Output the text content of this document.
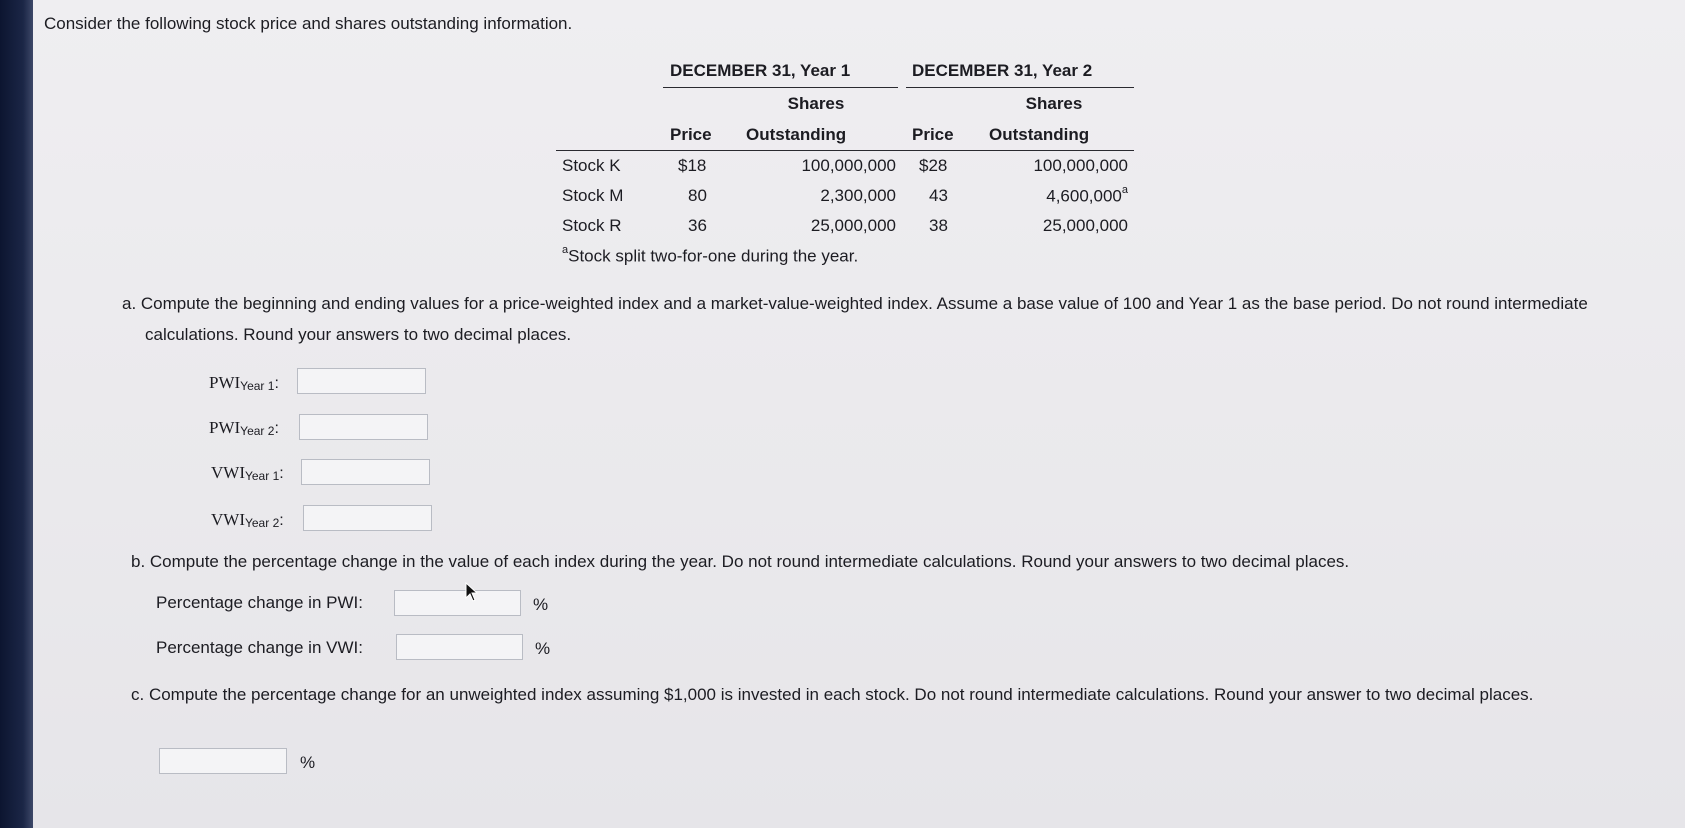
Consider the following stock price and shares outstanding information.
DECEMBER 31, Year 1	DECEMBER 31, Year 2
Shares	Shares
Price Outstanding	Price Outstanding
Stock K	$18	100,000,000 $28	100,000,000
Stock M	80	2,300,000 43	4,600,000$^a$
Stock R	36	25,000,000 38	25,000,000
$^a$Stock split two-for-one during the year.
a. Compute the beginning and ending values for a price-weighted index and a market-value-weighted index. Assume a base value of 100 and Year 1 as the base period. Do not round intermediate calculations. Round your answers to two decimal places.
$PWI_{Year 1}$:
$PWI_{Year 2}$:
$VWI_{Year 1}$:
$VWI_{Year 2}$:
b. Compute the percentage change in the value of each index during the year. Do not round intermediate calculations. Round your answers to two decimal places.
Percentage change in PWI:	%
Percentage change in VWI:	%
c. Compute the percentage change for an unweighted index assuming $1,000 is invested in each stock. Do not round intermediate calculations. Round your answer to two decimal places.
%
